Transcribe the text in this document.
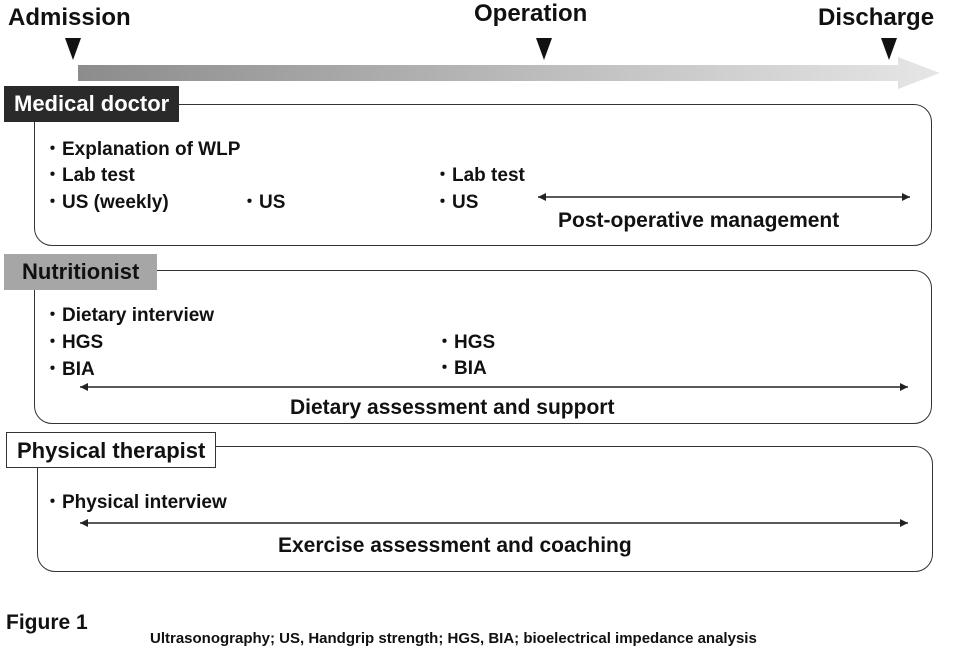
Admission	Operation	Discharge
Medical doctor
・Explanation of WLP
・Lab test
・US (weekly)	・US
・Lab test
・US
Post-operative management
Nutritionist
・Dietary interview
・HGS
・BIA
・HGS
・BIA
Dietary assessment and support
Physical therapist
・Physical interview
Exercise assessment and coaching
Figure 1
Ultrasonography; US, Handgrip strength; HGS, BIA; bioelectrical impedance analysis
